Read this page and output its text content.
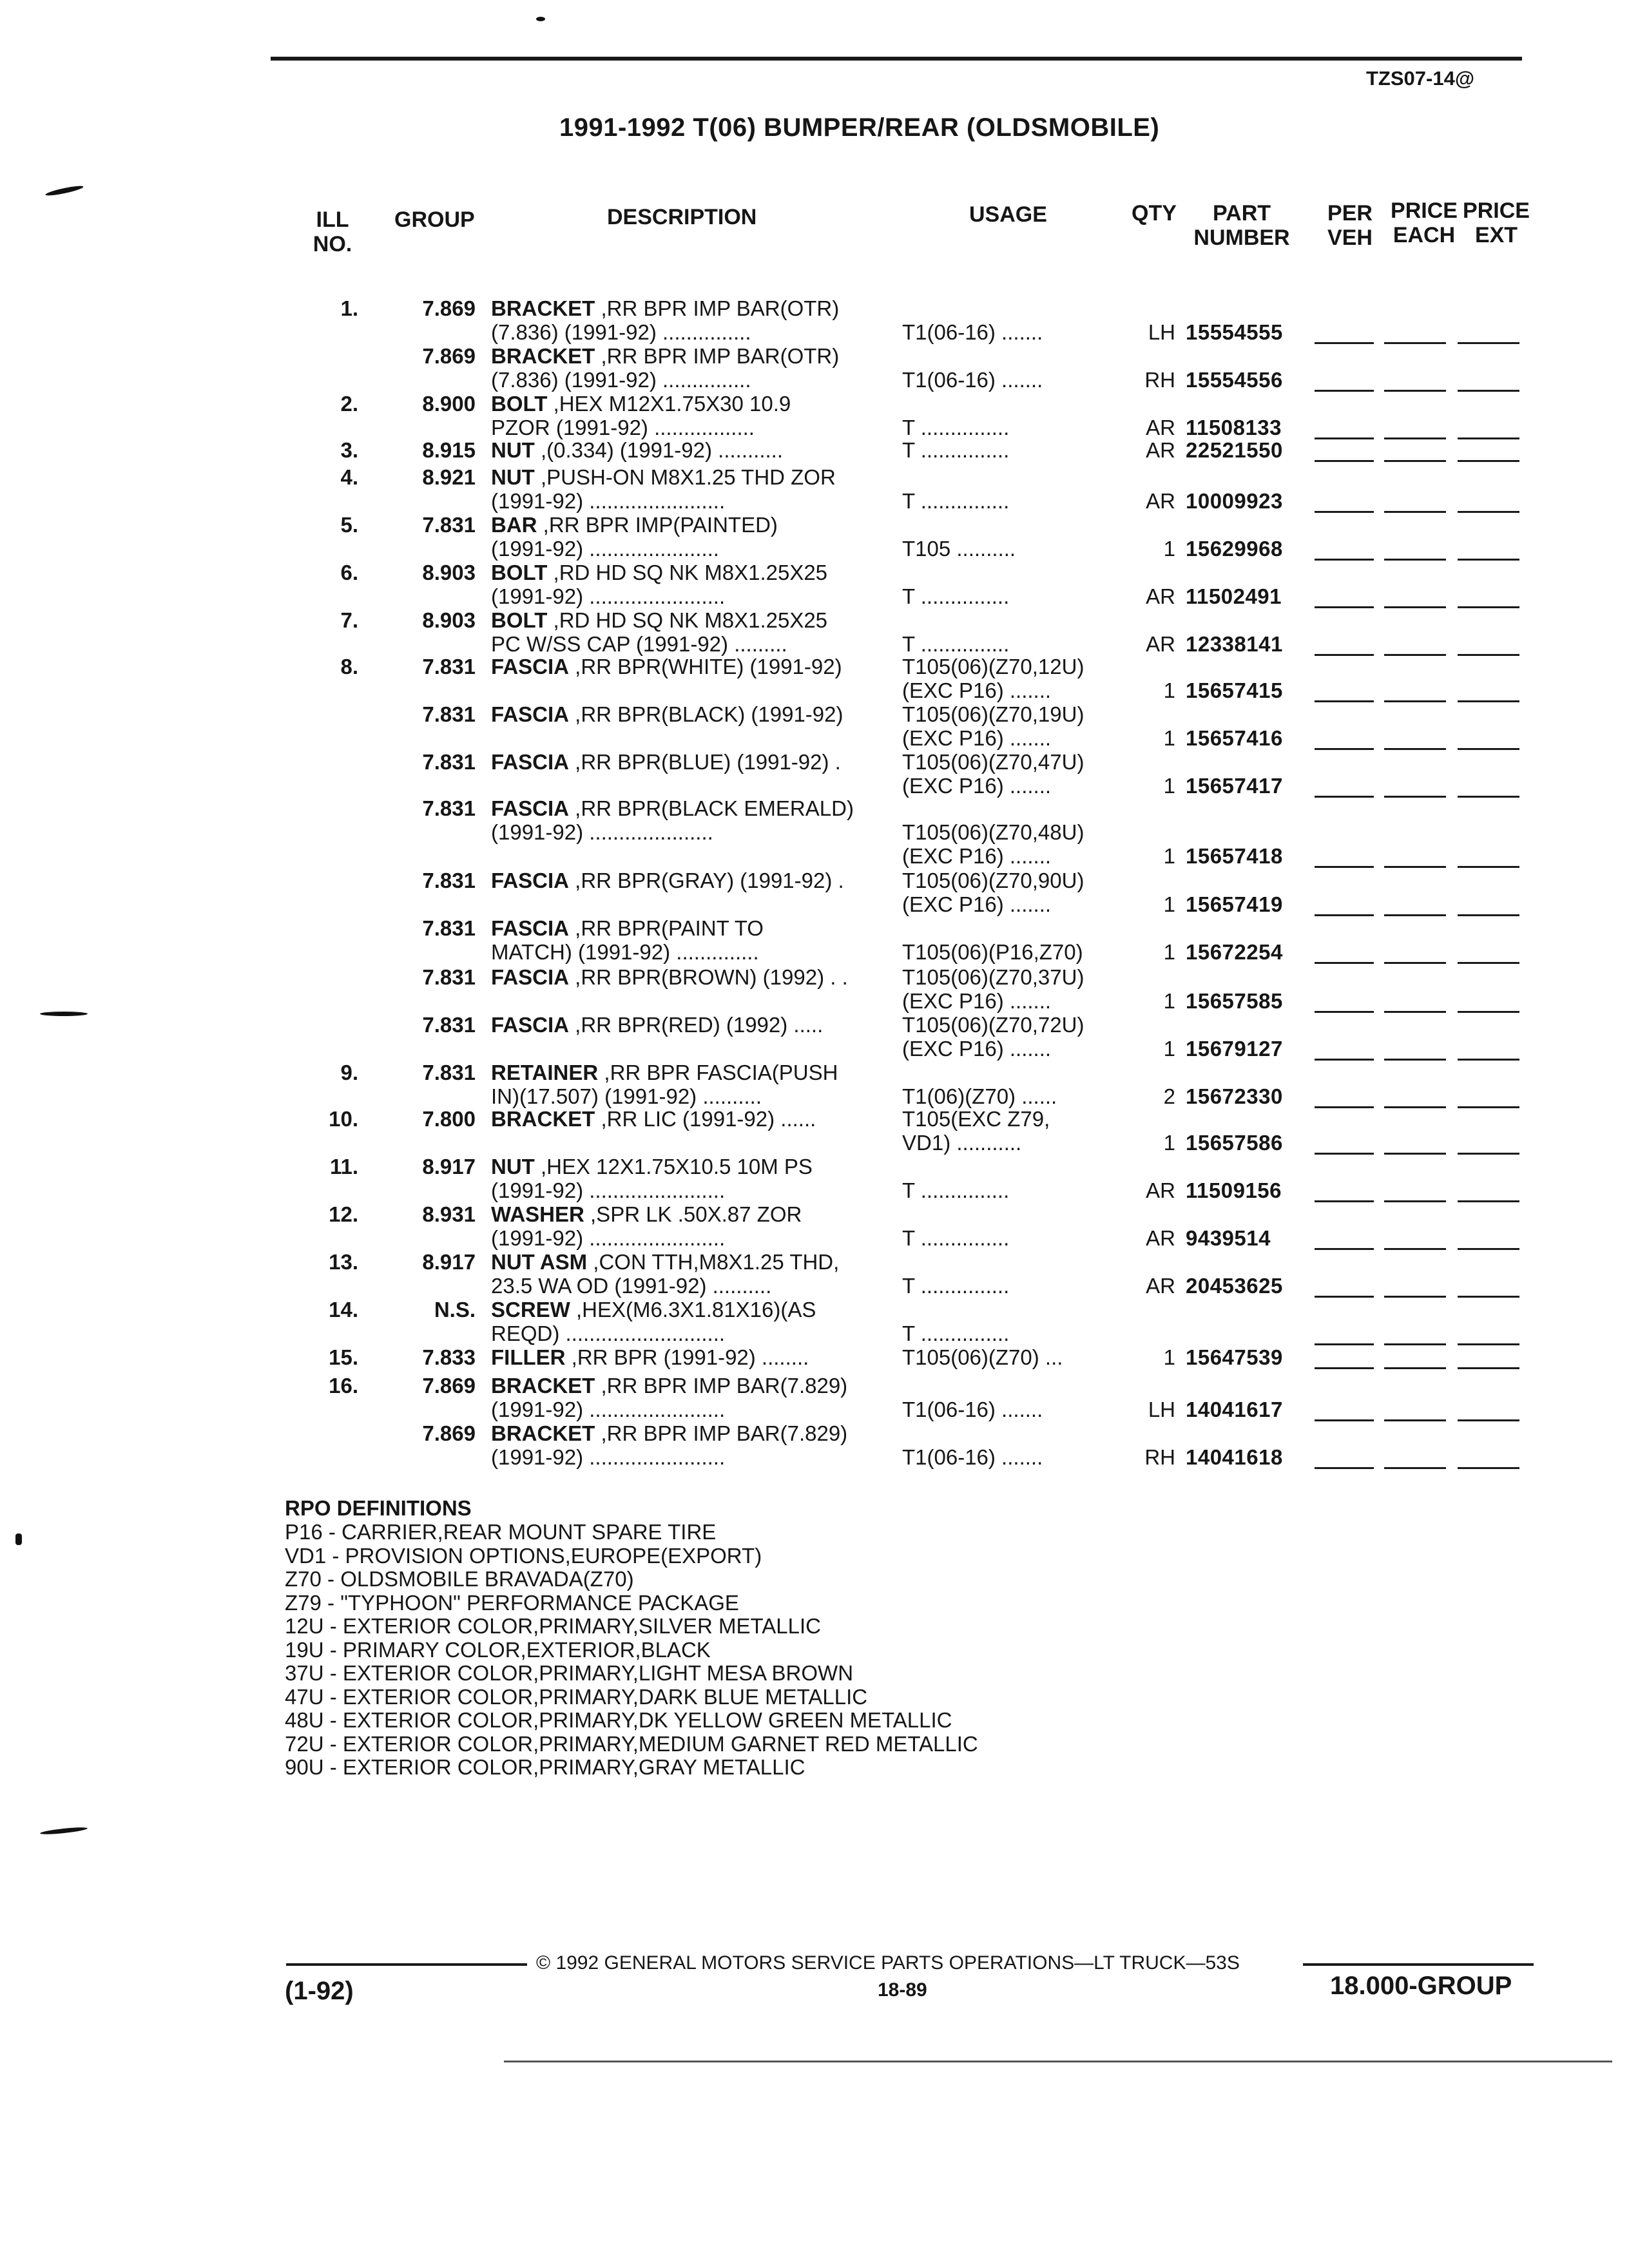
TZS07-14@
1991-1992 T(06) BUMPER/REAR (OLDSMOBILE)
ILL
NO.
GROUP	DESCRIPTION	USAGE	QTY	PART
NUMBER
PER
VEH
PRICE
EACH
PRICE
EXT
1.	7.869 BRACKET ,RR BPR IMP BAR(OTR)
(7.836) (1991-92) ...............	T1(06-16) .......	LH 15554555
7.869 BRACKET ,RR BPR IMP BAR(OTR)
(7.836) (1991-92) ...............	T1(06-16) .......	RH 15554556
2.	8.900 BOLT ,HEX M12X1.75X30 10.9
PZOR (1991-92) .................	T ...............	AR 11508133
3.	8.915 NUT ,(0.334) (1991-92) ...........	T ...............	AR 22521550
4.	8.921 NUT ,PUSH-ON M8X1.25 THD ZOR
(1991-92) .......................	T ...............	AR 10009923
5.	7.831 BAR ,RR BPR IMP(PAINTED)
(1991-92) ......................	T105 ..........	1 15629968
6.	8.903 BOLT ,RD HD SQ NK M8X1.25X25
(1991-92) .......................	T ...............	AR 11502491
7.	8.903 BOLT ,RD HD SQ NK M8X1.25X25
PC W/SS CAP (1991-92) .........	T ...............	AR 12338141
8.	7.831 FASCIA ,RR BPR(WHITE) (1991-92)	T105(06)(Z70,12U)
(EXC P16) .......	1 15657415
7.831 FASCIA ,RR BPR(BLACK) (1991-92)	T105(06)(Z70,19U)
(EXC P16) .......	1 15657416
7.831 FASCIA ,RR BPR(BLUE) (1991-92) .	T105(06)(Z70,47U)
(EXC P16) .......	1 15657417
7.831 FASCIA ,RR BPR(BLACK EMERALD)
(1991-92) .....................	T105(06)(Z70,48U)
(EXC P16) .......	1 15657418
7.831 FASCIA ,RR BPR(GRAY) (1991-92) .	T105(06)(Z70,90U)
(EXC P16) .......	1 15657419
7.831 FASCIA ,RR BPR(PAINT TO
MATCH) (1991-92) ..............	T105(06)(P16,Z70)	1 15672254
7.831 FASCIA ,RR BPR(BROWN) (1992) . .	T105(06)(Z70,37U)
(EXC P16) .......	1 15657585
7.831 FASCIA ,RR BPR(RED) (1992) .....	T105(06)(Z70,72U)
(EXC P16) .......	1 15679127
9.	7.831 RETAINER ,RR BPR FASCIA(PUSH
IN)(17.507) (1991-92) ..........	T1(06)(Z70) ......	2 15672330
10.	7.800 BRACKET ,RR LIC (1991-92) ......	T105(EXC Z79,
VD1) ...........	1 15657586
11.	8.917 NUT ,HEX 12X1.75X10.5 10M PS
(1991-92) .......................	T ...............	AR 11509156
12.	8.931 WASHER ,SPR LK .50X.87 ZOR
(1991-92) .......................	T ...............	AR 9439514
13.	8.917 NUT ASM ,CON TTH,M8X1.25 THD,
23.5 WA OD (1991-92) ..........	T ...............	AR 20453625
14.	N.S. SCREW ,HEX(M6.3X1.81X16)(AS
REQD) ...........................	T ...............
15.	7.833 FILLER ,RR BPR (1991-92) ........	T105(06)(Z70) ...	1 15647539
16.	7.869 BRACKET ,RR BPR IMP BAR(7.829)
(1991-92) .......................	T1(06-16) .......	LH 14041617
7.869 BRACKET ,RR BPR IMP BAR(7.829)
(1991-92) .......................	T1(06-16) .......	RH 14041618
RPO DEFINITIONS
P16 - CARRIER,REAR MOUNT SPARE TIRE
VD1 - PROVISION OPTIONS,EUROPE(EXPORT)
Z70 - OLDSMOBILE BRAVADA(Z70)
Z79 - "TYPHOON" PERFORMANCE PACKAGE
12U - EXTERIOR COLOR,PRIMARY,SILVER METALLIC
19U - PRIMARY COLOR,EXTERIOR,BLACK
37U - EXTERIOR COLOR,PRIMARY,LIGHT MESA BROWN
47U - EXTERIOR COLOR,PRIMARY,DARK BLUE METALLIC
48U - EXTERIOR COLOR,PRIMARY,DK YELLOW GREEN METALLIC
72U - EXTERIOR COLOR,PRIMARY,MEDIUM GARNET RED METALLIC
90U - EXTERIOR COLOR,PRIMARY,GRAY METALLIC
© 1992 GENERAL MOTORS SERVICE PARTS OPERATIONS—LT TRUCK—53S
(1-92)	18-89	18.000-GROUP
